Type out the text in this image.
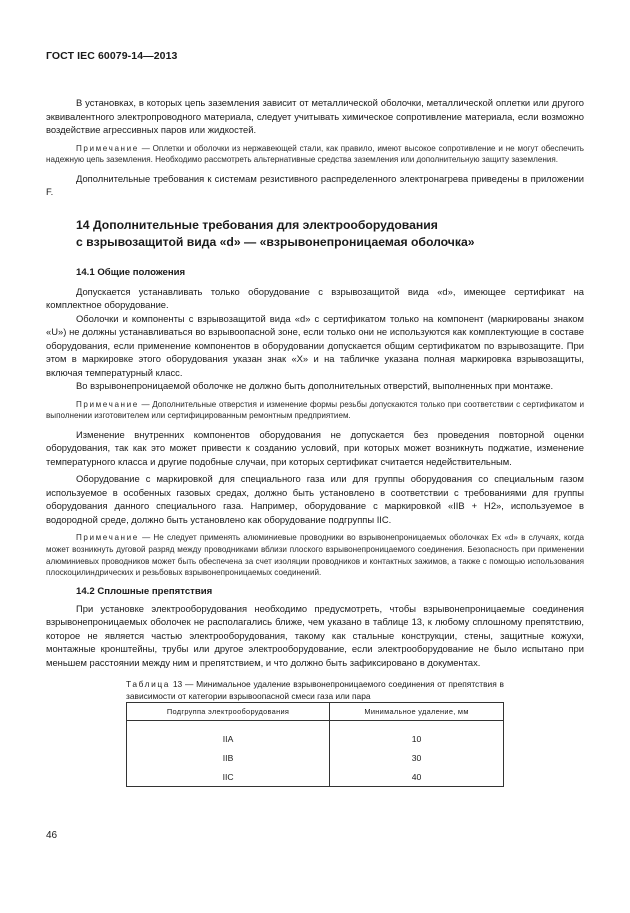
ГОСТ IEC 60079-14—2013

В установках, в которых цепь заземления зависит от металлической оболочки, металлической оплетки или другого эквивалентного электропроводного материала, следует учитывать химическое сопротивление материала, если возможно воздействие агрессивных паров или жидкостей.

Примечание — Оплетки и оболочки из нержавеющей стали, как правило, имеют высокое сопротивление и не могут обеспечить надежную цепь заземления. Необходимо рассмотреть альтернативные средства заземления или дополнительную защиту заземления.

Дополнительные требования к системам резистивного распределенного электронагрева приведены в приложении F.

14 Дополнительные требования для электрооборудования
с взрывозащитой вида «d» — «взрывонепроницаемая оболочка»
14.1 Общие положения

Допускается устанавливать только оборудование с взрывозащитой вида «d», имеющее сертификат на комплектное оборудование.

Оболочки и компоненты с взрывозащитой вида «d» с сертификатом только на компонент (маркированы знаком «U») не должны устанавливаться во взрывоопасной зоне, если только они не используются как комплектующие в составе оборудования, если применение компонентов в оборудовании допускается общим сертификатом по взрывозащите. При этом в маркировке этого оборудования указан знак «X» и на табличке указана полная маркировка взрывозащиты, включая температурный класс.

Во взрывонепроницаемой оболочке не должно быть дополнительных отверстий, выполненных при монтаже.

Примечание — Дополнительные отверстия и изменение формы резьбы допускаются только при соответствии с сертификатом и выполнении изготовителем или сертифицированным ремонтным предприятием.

Изменение внутренних компонентов оборудования не допускается без проведения повторной оценки оборудования, так как это может привести к созданию условий, при которых может возникнуть поджатие, изменение температурного класса и другие подобные случаи, при которых сертификат считается недействительным.

Оборудование с маркировкой для специального газа или для группы оборудования со специальным газом используемое в особенных газовых средах, должно быть установлено в соответствии с требованиями для группы оборудования данного специального газа. Например, оборудование с маркировкой «IIB + H2», используемое в водородной среде, должно быть установлено как оборудование подгруппы IIC.

Примечание — Не следует применять алюминиевые проводники во взрывонепроницаемых оболочках Ex «d» в случаях, когда может возникнуть дуговой разряд между проводниками вблизи плоского взрывонепроницаемого соединения. Безопасность при применении алюминиевых проводников может быть обеспечена за счет изоляции проводников и контактных зажимов, а также с помощью использования плоскоцилиндрических и резьбовых взрывонепроницаемых соединений.

14.2 Сплошные препятствия

При установке электрооборудования необходимо предусмотреть, чтобы взрывонепроницаемые соединения взрывонепроницаемых оболочек не располагались ближе, чем указано в таблице 13, к любому сплошному препятствию, которое не является частью электрооборудования, такому как стальные конструкции, стены, защитные кожухи, монтажные кронштейны, трубы или другое электрооборудование, если электрооборудование не было испытано при меньшем расстоянии между ним и препятствием, и что должно быть зафиксировано в документах.

Таблица 13 — Минимальное удаление взрывонепроницаемого соединения от препятствия в зависимости от категории взрывоопасной смеси газа или пара

Подгруппа электрооборудования	Минимальное удаление, мм

IIA	10
IIB	30
IIC	40
46
